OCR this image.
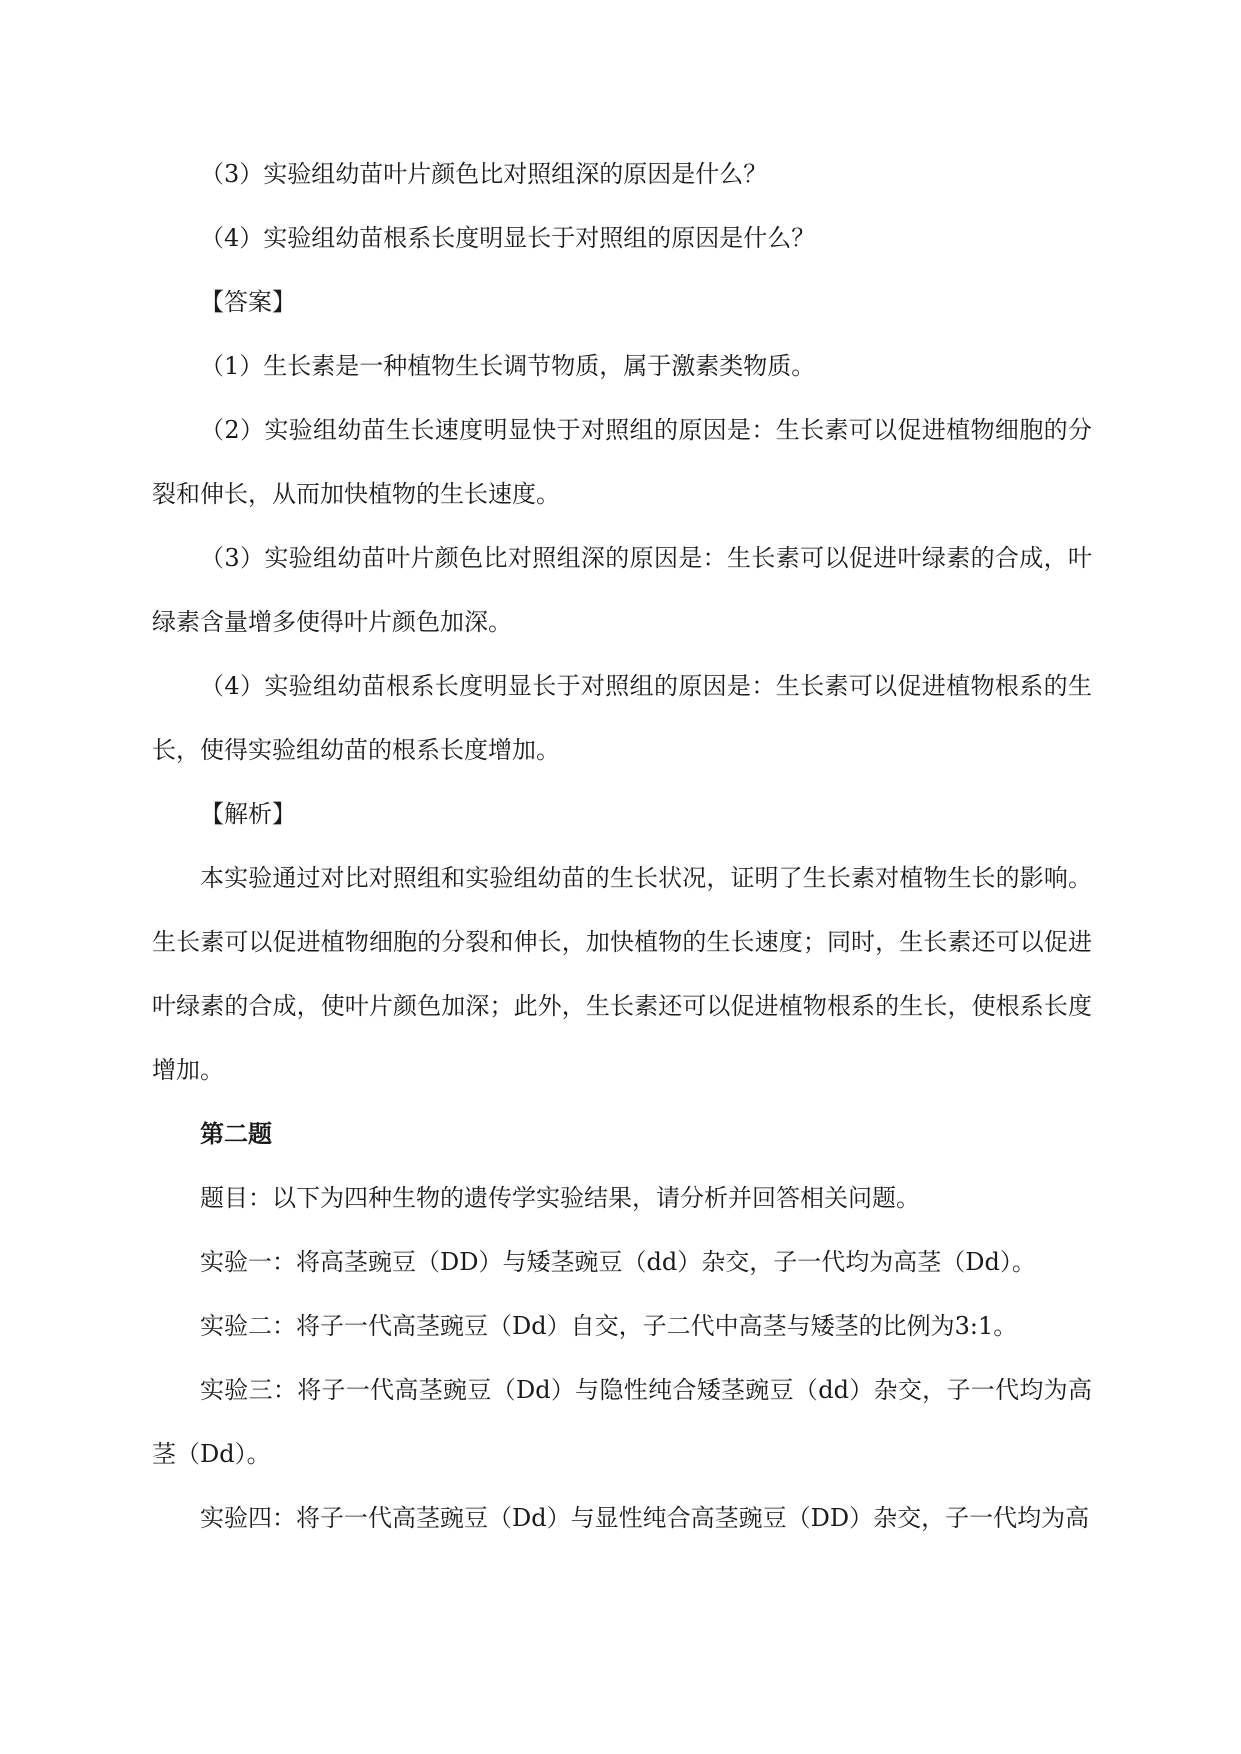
（3）实验组幼苗叶片颜色比对照组深的原因是什么？

（4）实验组幼苗根系长度明显长于对照组的原因是什么？

【答案】

（1）生长素是一种植物生长调节物质，属于激素类物质。

（2）实验组幼苗生长速度明显快于对照组的原因是：生长素可以促进植物细胞的分裂和伸长，从而加快植物的生长速度。

（3）实验组幼苗叶片颜色比对照组深的原因是：生长素可以促进叶绿素的合成，叶绿素含量增多使得叶片颜色加深。

（4）实验组幼苗根系长度明显长于对照组的原因是：生长素可以促进植物根系的生长，使得实验组幼苗的根系长度增加。

【解析】

本实验通过对比对照组和实验组幼苗的生长状况，证明了生长素对植物生长的影响。生长素可以促进植物细胞的分裂和伸长，加快植物的生长速度；同时，生长素还可以促进叶绿素的合成，使叶片颜色加深；此外，生长素还可以促进植物根系的生长，使根系长度增加。

第二题

题目：以下为四种生物的遗传学实验结果，请分析并回答相关问题。

实验一：将高茎豌豆（DD）与矮茎豌豆（dd）杂交，子一代均为高茎（Dd）。

实验二：将子一代高茎豌豆（Dd）自交，子二代中高茎与矮茎的比例为3:1。

实验三：将子一代高茎豌豆（Dd）与隐性纯合矮茎豌豆（dd）杂交，子一代均为高茎（Dd）。

实验四：将子一代高茎豌豆（Dd）与显性纯合高茎豌豆（DD）杂交，子一代均为高
